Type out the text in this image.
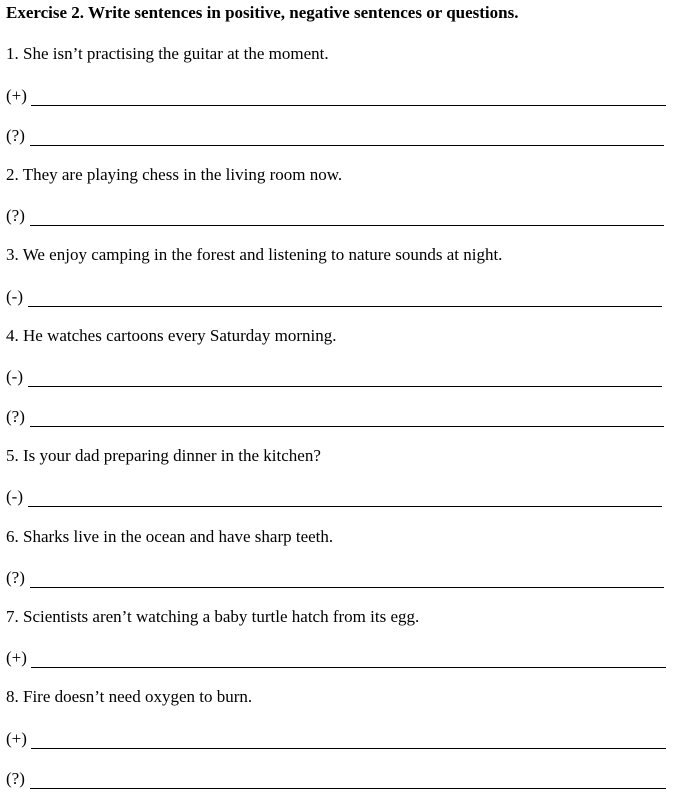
Exercise 2. Write sentences in positive, negative sentences or questions.
1. She isn’t practising the guitar at the moment.
(+)
(?)
2. They are playing chess in the living room now.
(?)
3. We enjoy camping in the forest and listening to nature sounds at night.
(-)
4. He watches cartoons every Saturday morning.
(-)
(?)
5. Is your dad preparing dinner in the kitchen?
(-)
6. Sharks live in the ocean and have sharp teeth.
(?)
7. Scientists aren’t watching a baby turtle hatch from its egg.
(+)
8. Fire doesn’t need oxygen to burn.
(+)
(?)
